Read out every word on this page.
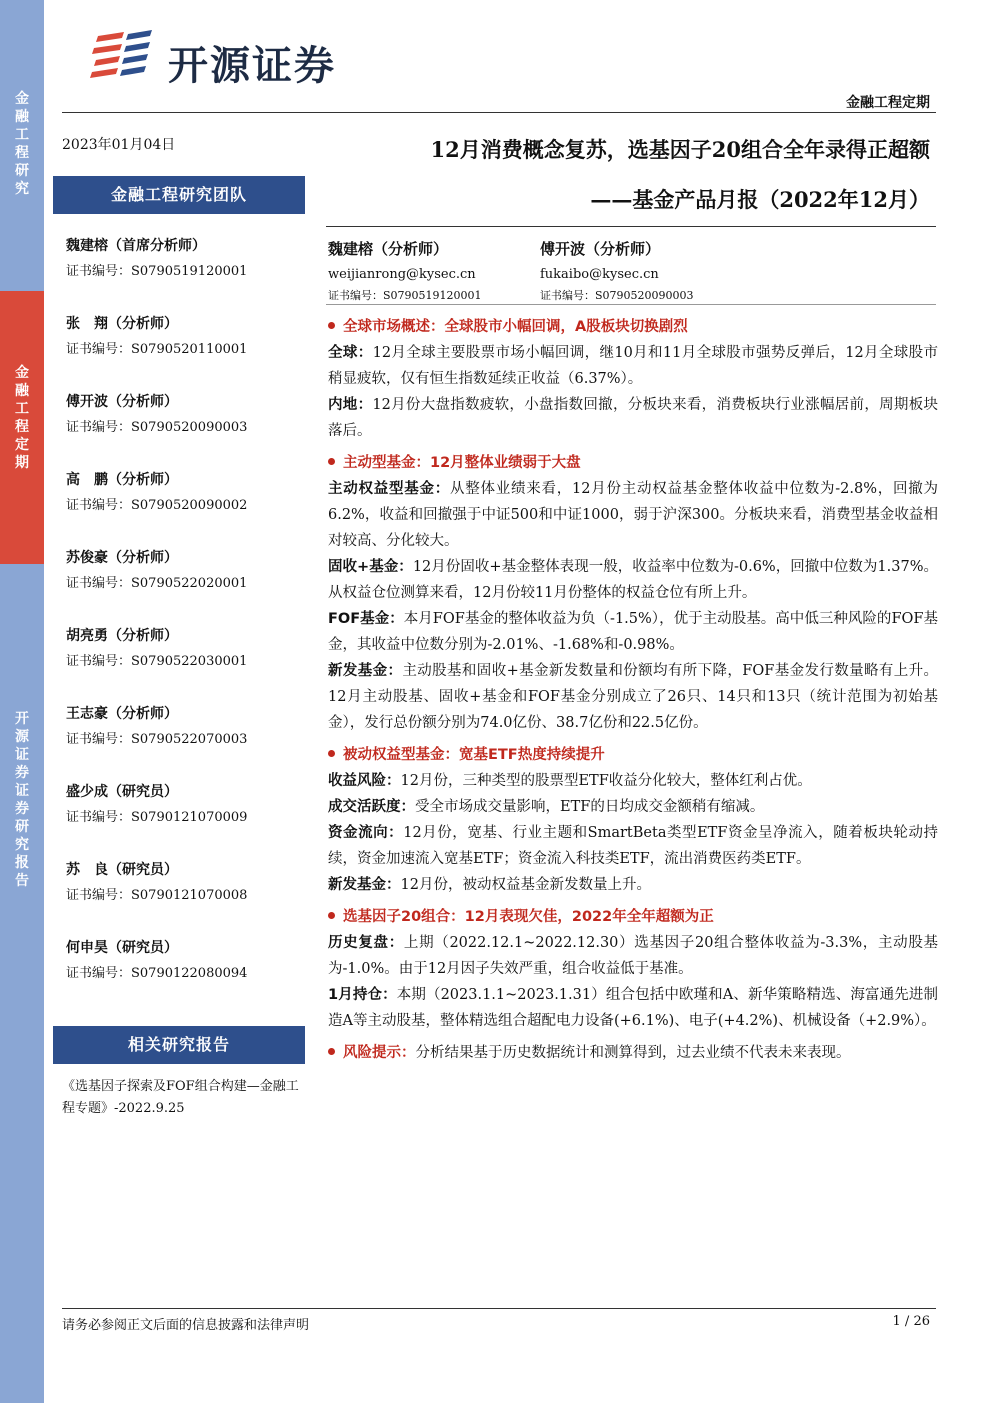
金融工程研究
金融工程定期
开源证券 证券研究报告
开源证券
金融工程定期
2023年01月04日
金融工程研究团队
魏建榕（首席分析师）
证书编号：S0790519120001
张　翔（分析师）
证书编号：S0790520110001
傅开波（分析师）
证书编号：S0790520090003
高　鹏（分析师）
证书编号：S0790520090002
苏俊豪（分析师）
证书编号：S0790522020001
胡亮勇（分析师）
证书编号：S0790522030001
王志豪（分析师）
证书编号：S0790522070003
盛少成（研究员）
证书编号：S0790121070009
苏　良（研究员）
证书编号：S0790121070008
何申昊（研究员）
证书编号：S0790122080094
相关研究报告
《选基因子探索及FOF组合构建—金融工程专题》-2022.9.25
12月消费概念复苏，选基因子20组合全年录得正超额
——基金产品月报（2022年12月）
魏建榕（分析师）
weijianrong@kysec.cn
证书编号：S0790519120001
傅开波（分析师）
fukaibo@kysec.cn
证书编号：S0790520090003
全球市场概述：全球股市小幅回调，A股板块切换剧烈
全球：12月全球主要股票市场小幅回调，继10月和11月全球股市强势反弹后，12月全球股市稍显疲软，仅有恒生指数延续正收益（6.37%）。
内地：12月份大盘指数疲软，小盘指数回撤，分板块来看，消费板块行业涨幅居前，周期板块落后。
主动型基金：12月整体业绩弱于大盘
主动权益型基金：从整体业绩来看，12月份主动权益基金整体收益中位数为-2.8%，回撤为6.2%，收益和回撤强于中证500和中证1000，弱于沪深300。分板块来看，消费型基金收益相对较高、分化较大。
固收+基金：12月份固收+基金整体表现一般，收益率中位数为-0.6%，回撤中位数为1.37%。从权益仓位测算来看，12月份较11月份整体的权益仓位有所上升。
FOF基金：本月FOF基金的整体收益为负（-1.5%），优于主动股基。高中低三种风险的FOF基金，其收益中位数分别为-2.01%、-1.68%和-0.98%。
新发基金：主动股基和固收+基金新发数量和份额均有所下降，FOF基金发行数量略有上升。12月主动股基、固收+基金和FOF基金分别成立了26只、14只和13只（统计范围为初始基金），发行总份额分别为74.0亿份、38.7亿份和22.5亿份。
被动权益型基金：宽基ETF热度持续提升
收益风险：12月份，三种类型的股票型ETF收益分化较大，整体红利占优。
成交活跃度：受全市场成交量影响，ETF的日均成交金额稍有缩减。
资金流向：12月份，宽基、行业主题和SmartBeta类型ETF资金呈净流入，随着板块轮动持续，资金加速流入宽基ETF；资金流入科技类ETF，流出消费医药类ETF。
新发基金：12月份，被动权益基金新发数量上升。
选基因子20组合：12月表现欠佳，2022年全年超额为正
历史复盘：上期（2022.12.1~2022.12.30）选基因子20组合整体收益为-3.3%，主动股基为-1.0%。由于12月因子失效严重，组合收益低于基准。
1月持仓：本期（2023.1.1~2023.1.31）组合包括中欧瑾和A、新华策略精选、海富通先进制造A等主动股基，整体精选组合超配电力设备(+6.1%)、电子(+4.2%)、机械设备（+2.9%）。
风险提示：分析结果基于历史数据统计和测算得到，过去业绩不代表未来表现。
请务必参阅正文后面的信息披露和法律声明	1 / 26
